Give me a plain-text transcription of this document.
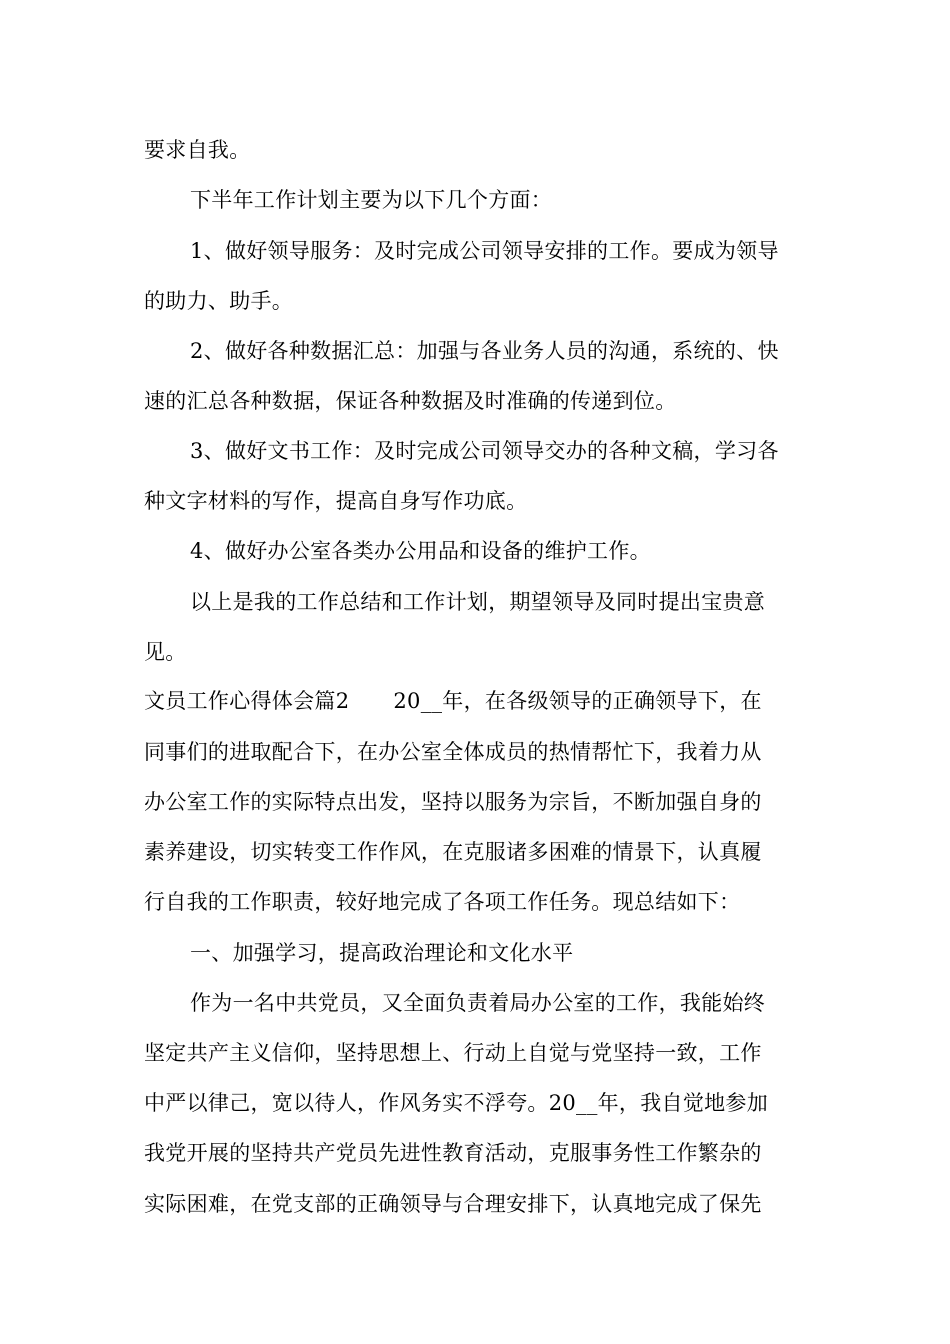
要求自我。
下半年工作计划主要为以下几个方面：
1、做好领导服务：及时完成公司领导安排的工作。要成为领导
的助力、助手。
2、做好各种数据汇总：加强与各业务人员的沟通，系统的、快
速的汇总各种数据，保证各种数据及时准确的传递到位。
3、做好文书工作：及时完成公司领导交办的各种文稿，学习各
种文字材料的写作，提高自身写作功底。
4、做好办公室各类办公用品和设备的维护工作。
以上是我的工作总结和工作计划，期望领导及同时提出宝贵意
见。
文员工作心得体会篇2 20__年，在各级领导的正确领导下，在
同事们的进取配合下，在办公室全体成员的热情帮忙下，我着力从
办公室工作的实际特点出发，坚持以服务为宗旨，不断加强自身的
素养建设，切实转变工作作风，在克服诸多困难的情景下，认真履
行自我的工作职责，较好地完成了各项工作任务。现总结如下：
一、加强学习，提高政治理论和文化水平
作为一名中共党员，又全面负责着局办公室的工作，我能始终
坚定共产主义信仰，坚持思想上、行动上自觉与党坚持一致，工作
中严以律己，宽以待人，作风务实不浮夸。20__年，我自觉地参加
我党开展的坚持共产党员先进性教育活动，克服事务性工作繁杂的
实际困难，在党支部的正确领导与合理安排下，认真地完成了保先
